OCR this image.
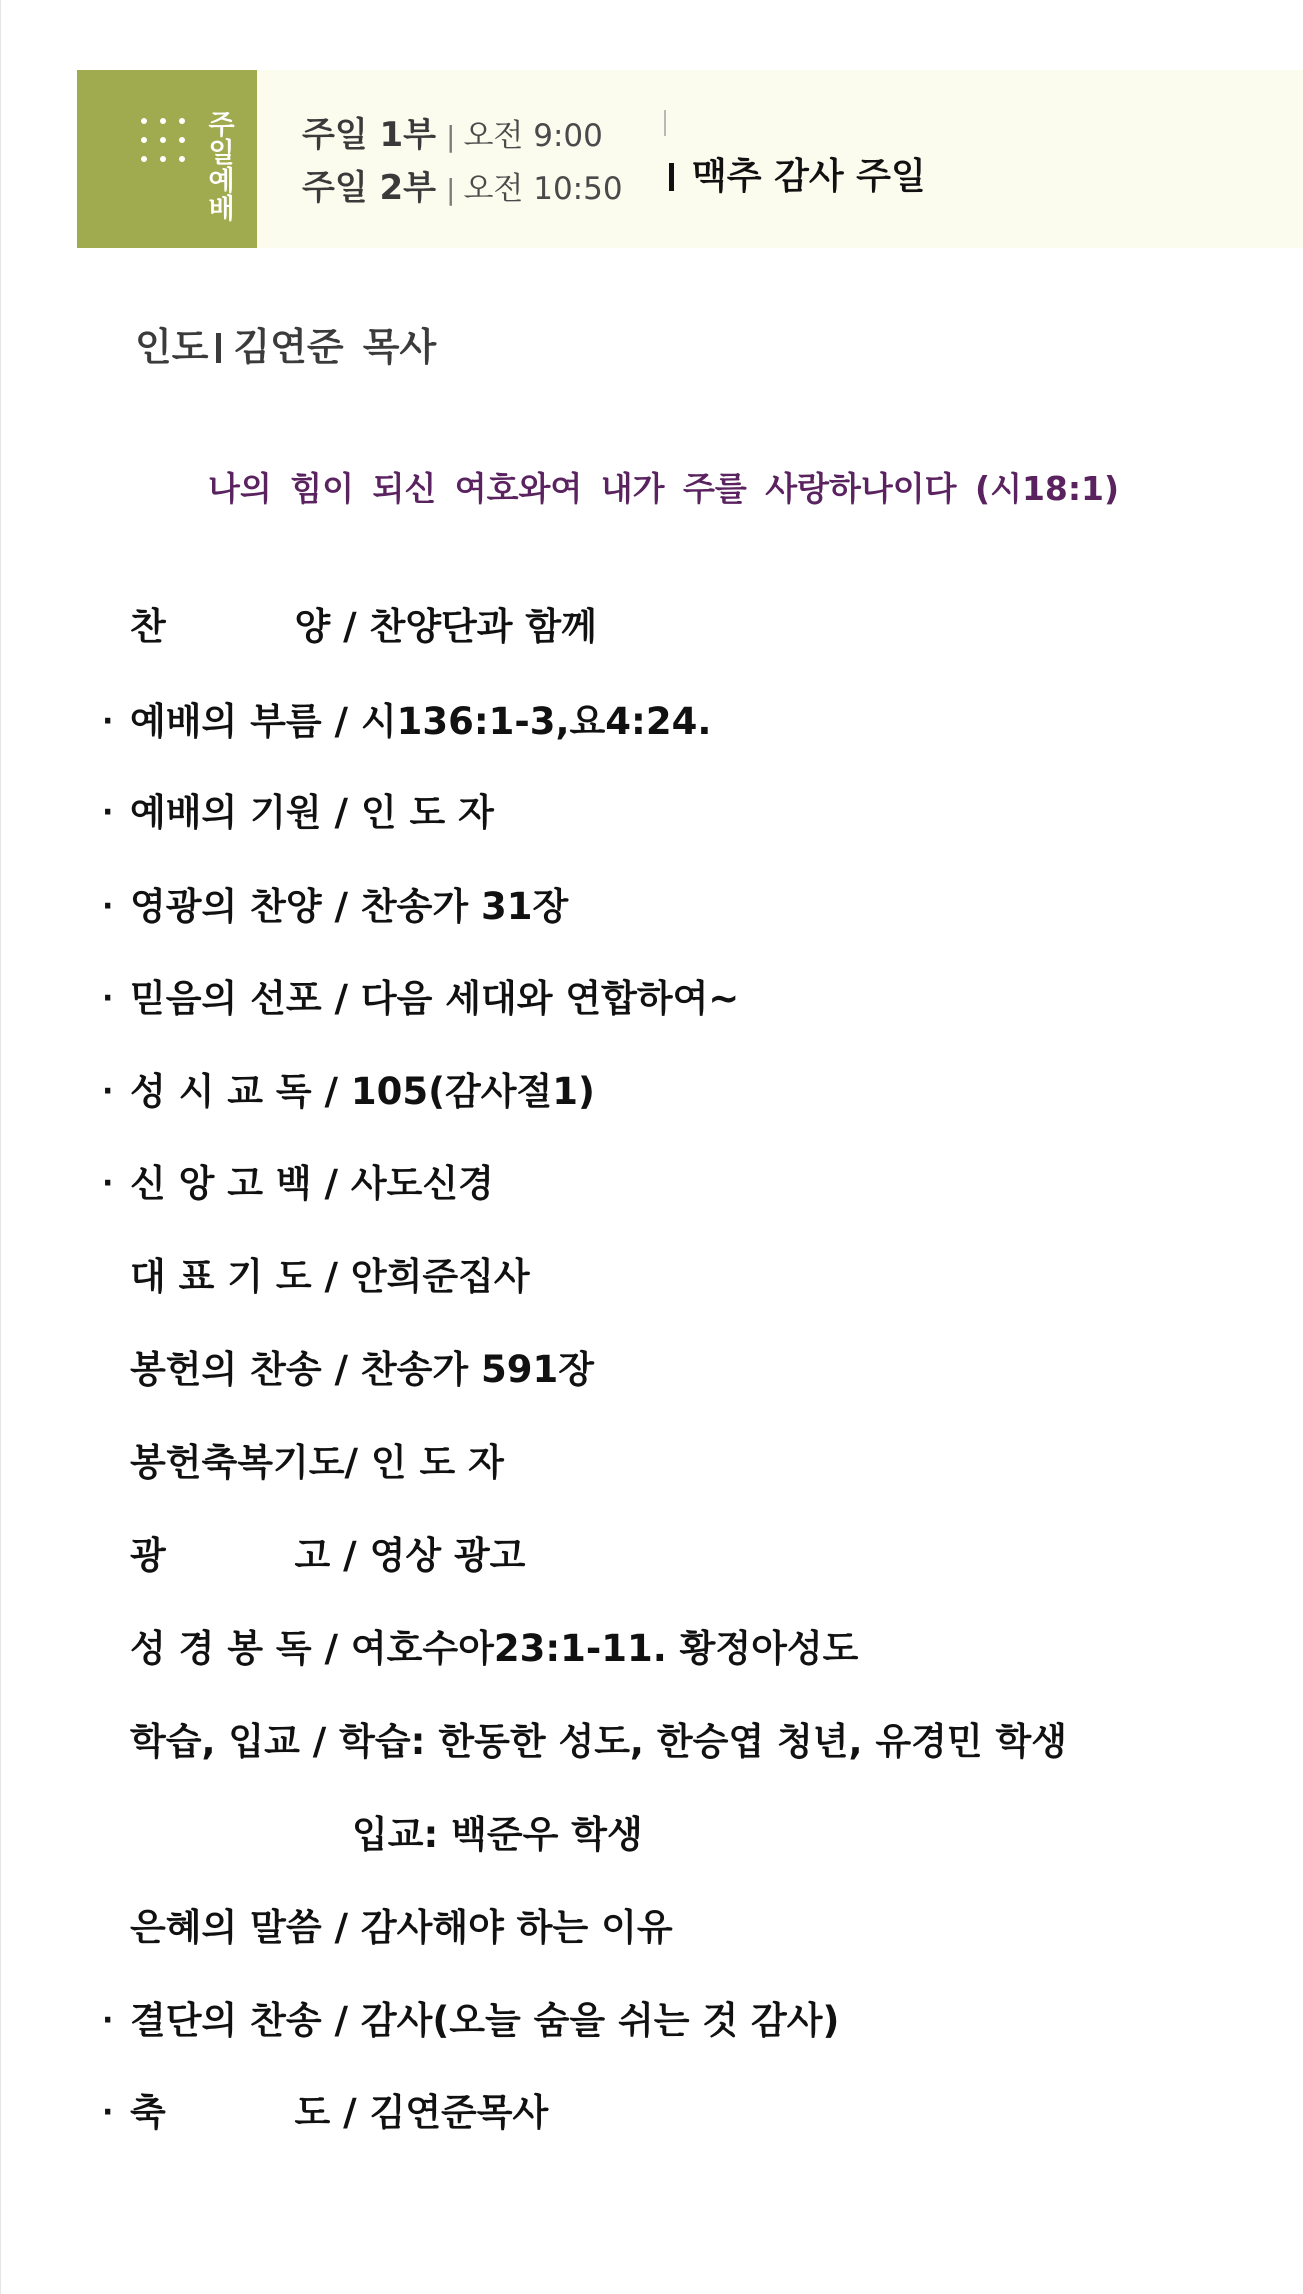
주일예배 주일 1부 | 오전 9:00
주일 2부 | 오전 10:50	맥추 감사 주일
인도 김연준 목사
나의 힘이 되신 여호와여 내가 주를 사랑하나이다 (시18:1)
찬          양 / 찬양단과 함께
· 예배의 부름 / 시136:1-3,요4:24.
· 예배의 기원 / 인 도 자
· 영광의 찬양 / 찬송가 31장
· 믿음의 선포 / 다음 세대와 연합하여~
· 성 시 교 독 / 105(감사절1)
· 신 앙 고 백 / 사도신경
대 표 기 도 / 안희준집사
봉헌의 찬송 / 찬송가 591장
봉헌축복기도/ 인 도 자
광          고 / 영상 광고
성 경 봉 독 / 여호수아23:1-11. 황정아성도
학습, 입교 / 학습: 한동한 성도, 한승엽 청년, 유경민 학생
입교: 백준우 학생
은혜의 말씀 / 감사해야 하는 이유
· 결단의 찬송 / 감사(오늘 숨을 쉬는 것 감사)
· 축          도 / 김연준목사
